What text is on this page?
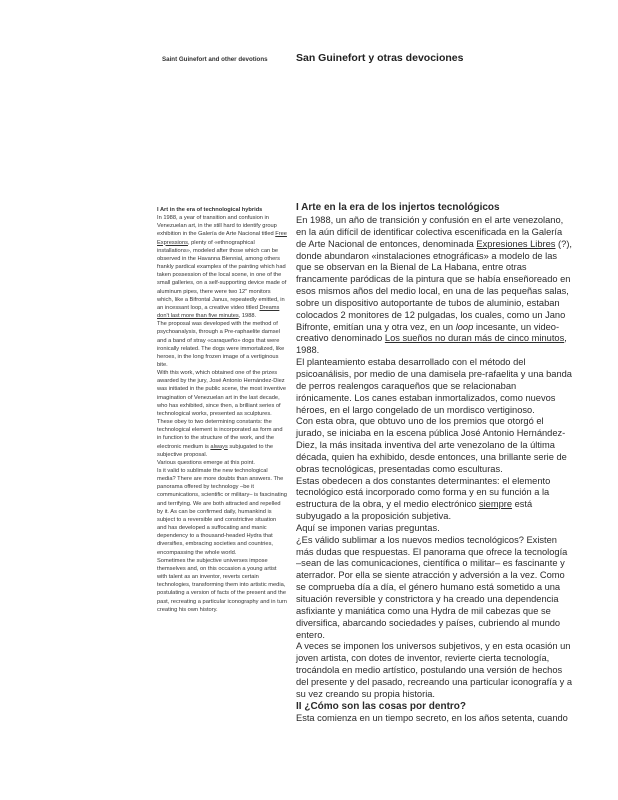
Saint Guinefort and other devotions	San Guinefort y otras devociones

I Art in the era of technological hybrids

In 1988, a year of transition and confusion in Venezuelan art, in the still hard to identify group exhibition in the Galería de Arte Nacional titled Free Expressions, plenty of «ethnographical installations», modeled after those which can be observed in the Havanna Biennial, among others frankly pardical examples of the painting which had taken possession of the local scene, in one of the small galleries, on a self-supporting device made of aluminum pipes, there were two 12" monitors which, like a Bifrontal Janus, repeatedly emitted, in an incessant loop, a creative video titled Dreams don't last more than five minutes, 1988.

The proposal was developed with the method of psychoanalysis, through a Pre-raphaelite damsel and a band of stray «caraqueño» dogs that were ironically related. The dogs were immortalized, like heroes, in the long frozen image of a vertiginous bite.

With this work, which obtained one of the prizes awarded by the jury, José Antonio Hernández-Diez was initiated in the public scene, the most inventive imagination of Venezuelan art in the last decade, who has exhibited, since then, a brilliant series of technological works, presented as sculptures.

These obey to two determining constants: the technological element is incorporated as form and in function to the structure of the work, and the electronic medium is always subjugated to the subjective proposal.

Various questions emerge at this point.

Is it valid to sublimate the new technological media? There are more doubts than answers. The panorama offered by technology –be it communications, scientific or military– is fascinating and terrifying. We are both attracted and repelled by it. As can be confirmed daily, humankind is subject to a reversible and constrictive situation and has developed a suffocating and manic dependency to a thousand-headed Hydra that diversifies, embracing societies and countries, encompassing the whole world.

Sometimes the subjective universes impose themselves and, on this occasion a young artist with talent as an inventor, reverts certain technologies, transforming them into artistic media, postulating a version of facts of the present and the past, recreating a particular iconography and in turn creating his own history.

I Arte en la era de los injertos tecnológicos

En 1988, un año de transición y confusión en el arte venezolano, en la aún difícil de identificar colectiva escenificada en la Galería de Arte Nacional de entonces, denominada Expresiones Libres (?), donde abundaron «instalaciones etnográficas» a modelo de las que se observan en la Bienal de La Habana, entre otras francamente paródicas de la pintura que se había enseñoreado en esos mismos años del medio local, en una de las pequeñas salas, sobre un dispositivo autoportante de tubos de aluminio, estaban colocados 2 monitores de 12 pulgadas, los cuales, como un Jano Bifronte, emitían una y otra vez, en un loop incesante, un video-creativo denominado Los sueños no duran más de cinco minutos, 1988.

El planteamiento estaba desarrollado con el método del psicoanálisis, por medio de una damisela pre-rafaelita y una banda de perros realengos caraqueños que se relacionaban irónicamente. Los canes estaban inmortalizados, como nuevos héroes, en el largo congelado de un mordisco vertiginoso.

Con esta obra, que obtuvo uno de los premios que otorgó el jurado, se iniciaba en la escena pública José Antonio Hernández-Diez, la más insitada inventiva del arte venezolano de la última década, quien ha exhibido, desde entonces, una brillante serie de obras tecnológicas, presentadas como esculturas.

Estas obedecen a dos constantes determinantes: el elemento tecnológico está incorporado como forma y en su función a la estructura de la obra, y el medio electrónico siempre está subyugado a la proposición subjetiva.

Aquí se imponen varias preguntas.

¿Es válido sublimar a los nuevos medios tecnológicos? Existen más dudas que respuestas. El panorama que ofrece la tecnología –sean de las comunicaciones, científica o militar– es fascinante y aterrador. Por ella se siente atracción y adversión a la vez. Como se comprueba día a día, el género humano está sometido a una situación reversible y constrictora y ha creado una dependencia asfixiante y maniática como una Hydra de mil cabezas que se diversifica, abarcando sociedades y países, cubriendo al mundo entero.

A veces se imponen los universos subjetivos, y en esta ocasión un joven artista, con dotes de inventor, revierte cierta tecnología, trocándola en medio artístico, postulando una versión de hechos del presente y del pasado, recreando una particular iconografía y a su vez creando su propia historia.

II ¿Cómo son las cosas por dentro?

Esta comienza en un tiempo secreto, en los años setenta, cuando
